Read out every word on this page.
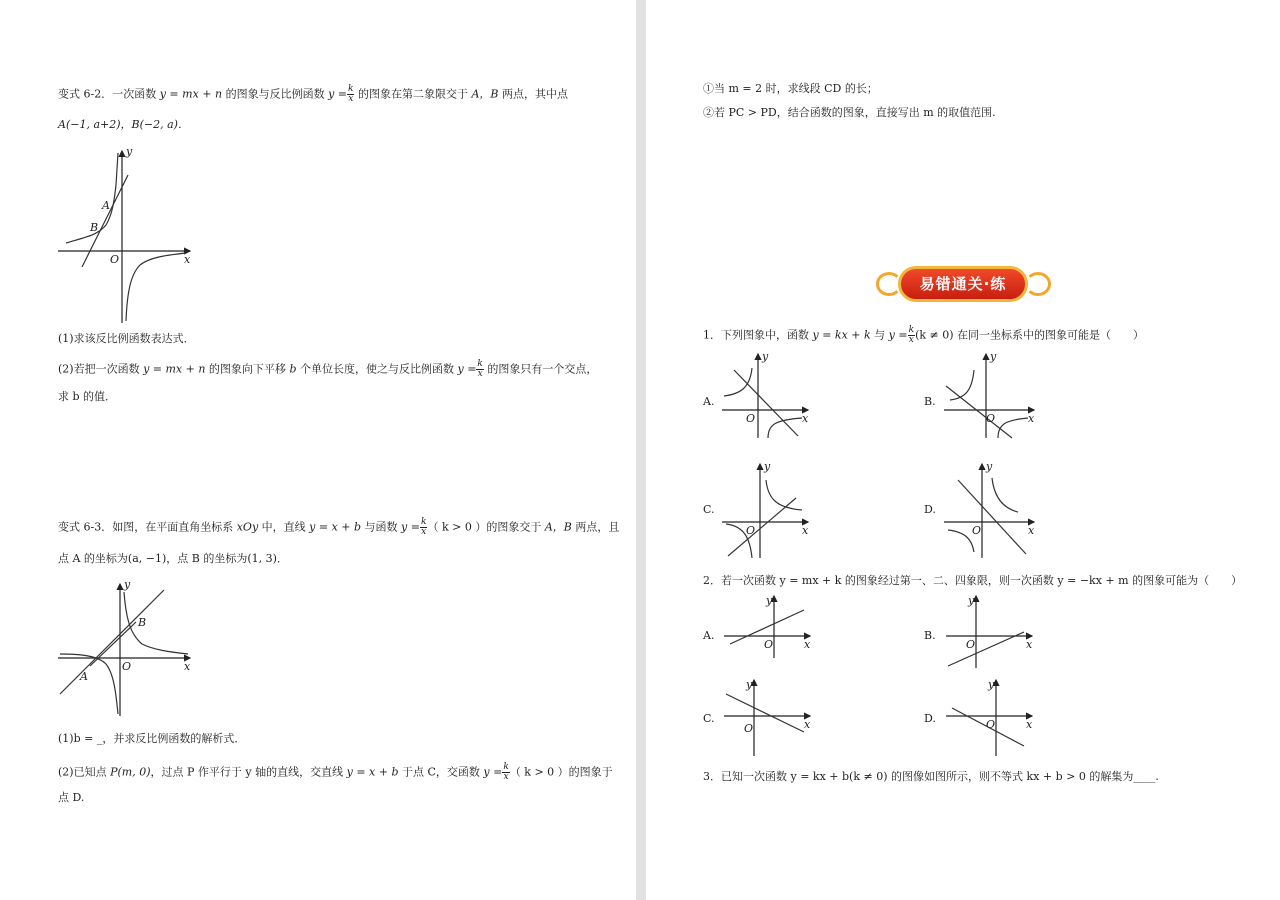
变式 6-2．一次函数 y = mx + n 的图象与反比例函数 $y = \frac{k}{x}$ 的图象在第二象限交于 A，B 两点，其中点
A(−1, a+2)，B(−2, a)．
y
x
O
A
B
(1)求该反比例函数表达式．
(2)若把一次函数 y = mx + n 的图象向下平移 b 个单位长度，使之与反比例函数 $y = \frac{k}{x}$ 的图象只有一个交点，
求 b 的值．
变式 6-3．如图，在平面直角坐标系 xOy 中，直线 y = x + b 与函数 $y = \frac{k}{x}$ （ k > 0 ）的图象交于 A，B 两点，且
点 A 的坐标为(a, −1)，点 B 的坐标为(1, 3)．
y
x
O
A
B
(1)b = _，并求反比例函数的解析式．
(2)已知点 P(m, 0)，过点 P 作平行于 y 轴的直线，交直线 y = x + b 于点 C，交函数 $y = \frac{k}{x}$ （ k > 0 ）的图象于
点 D.
①当 m = 2 时，求线段 CD 的长；
②若 PC > PD，结合函数的图象，直接写出 m 的取值范围.
易错通关·练
1．下列图象中，函数 y = kx + k 与 $y = \frac{k}{x} (k \ne 0)$ 在同一坐标系中的图象可能是（　　）
A.
y
x
O
B.
y
x
O
C.
y
x
O
D.
y
x
O
2．若一次函数 y = mx + k 的图象经过第一、二、四象限，则一次函数 y = −kx + m 的图象可能为（　　）
A.
y
x
O
B.
y
x
O
C.
y
x
O
D.
y
x
O
3．已知一次函数 y = kx + b(k ≠ 0) 的图像如图所示，则不等式 kx + b > 0 的解集为____.
